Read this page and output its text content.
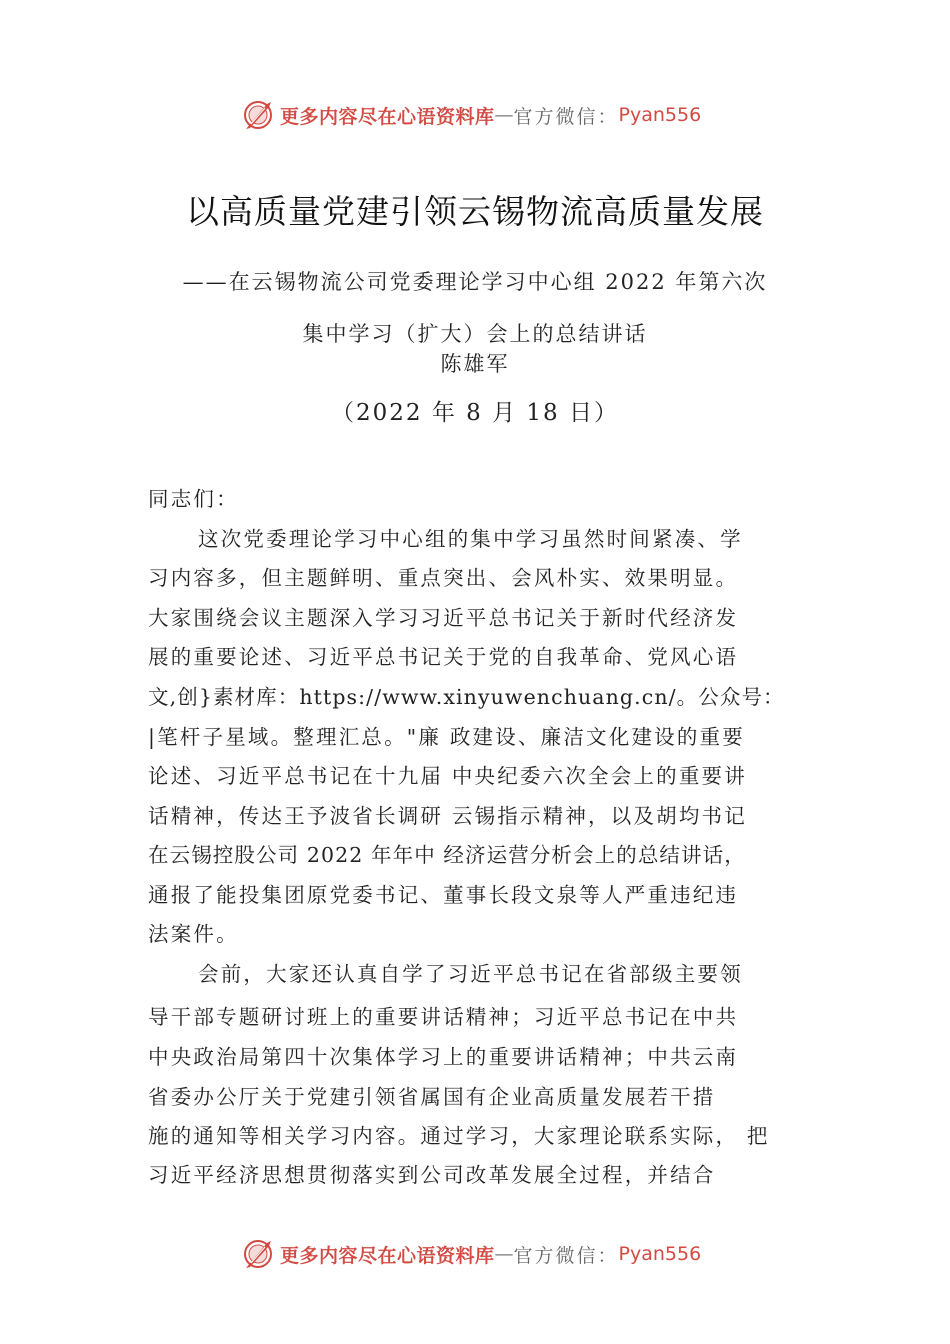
更多内容尽在心语资料库 — 官方微信： Pyan556
以高质量党建引领云锡物流高质量发展
——在云锡物流公司党委理论学习中心组 2022 年第六次
集中学习（扩大）会上的总结讲话
陈雄军
（2022 年 8 月 18 日）
同志们：
这次党委理论学习中心组的集中学习虽然时间紧凑、学
习内容多，但主题鲜明、重点突出、会风朴实、效果明显。
大家围绕会议主题深入学习习近平总书记关于新时代经济发
展的重要论述、习近平总书记关于党的自我革命、党风心语
文,创}素材库：https://www.xinyuwenchuang.cn/。公众号：
|笔杆子星域。整理汇总。"廉 政建设、廉洁文化建设的重要
论述、习近平总书记在十九届 中央纪委六次全会上的重要讲
话精神，传达王予波省长调研 云锡指示精神，以及胡均书记
在云锡控股公司 2022 年年中 经济运营分析会上的总结讲话，
通报了能投集团原党委书记、董事长段文泉等人严重违纪违
法案件。
会前，大家还认真自学了习近平总书记在省部级主要领
导干部专题研讨班上的重要讲话精神；习近平总书记在中共
中央政治局第四十次集体学习上的重要讲话精神；中共云南
省委办公厅关于党建引领省属国有企业高质量发展若干措
施的通知等相关学习内容。通过学习，大家理论联系实际， 把
习近平经济思想贯彻落实到公司改革发展全过程，并结合
更多内容尽在心语资料库 — 官方微信： Pyan556
